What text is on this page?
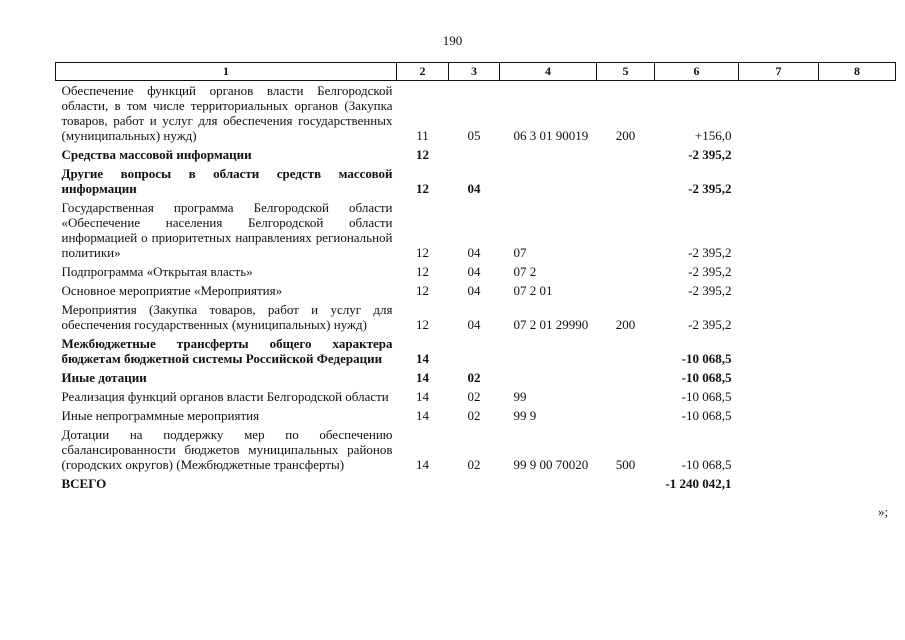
190
1	2	3	4	5	6	7	8
Обеспечение функций органов власти Белгородской области, в том числе территориальных органов (Закупка товаров, работ и услуг для обеспечения государственных (муниципальных) нужд)	11	05	06 3 01 90019	200	+156,0		
Средства массовой информации	12				-2 395,2		
Другие вопросы в области средств массовой информации	12	04			-2 395,2		
Государственная программа Белгородской области «Обеспечение населения Белгородской области информацией о приоритетных направлениях региональной политики»	12	04	07		-2 395,2		
Подпрограмма «Открытая власть»	12	04	07 2		-2 395,2		
Основное мероприятие «Мероприятия»	12	04	07 2 01		-2 395,2		
Мероприятия (Закупка товаров, работ и услуг для обеспечения государственных (муниципальных) нужд)	12	04	07 2 01 29990	200	-2 395,2		
Межбюджетные трансферты общего характера бюджетам бюджетной системы Российской Федерации	14				-10 068,5		
Иные дотации	14	02			-10 068,5		
Реализация функций органов власти Белгородской области	14	02	99		-10 068,5		
Иные непрограммные мероприятия	14	02	99 9		-10 068,5		
Дотации на поддержку мер по обеспечению сбалансированности бюджетов муниципальных районов (городских округов) (Межбюджетные трансферты)	14	02	99 9 00 70020	500	-10 068,5		
ВСЕГО					-1 240 042,1		
»;
